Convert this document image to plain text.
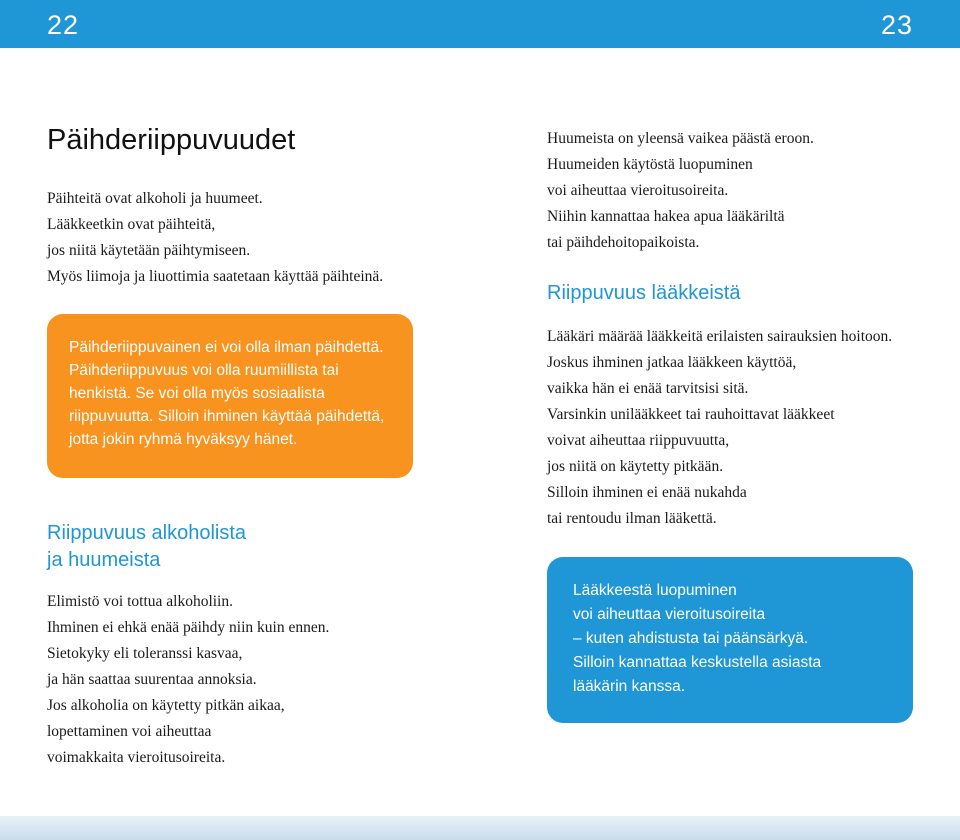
22	23
Päihderiippuvuudet
Päihteitä ovat alkoholi ja huumeet.
Lääkkeetkin ovat päihteitä,
jos niitä käytetään päihtymiseen.
Myös liimoja ja liuottimia saatetaan käyttää päihteinä.
Päihderiippuvainen ei voi olla ilman päihdettä.
Päihderiippuvuus voi olla ruumiillista tai
henkistä. Se voi olla myös sosiaalista
riippuvuutta. Silloin ihminen käyttää päihdettä,
jotta jokin ryhmä hyväksyy hänet.
Riippuvuus alkoholista
ja huumeista
Elimistö voi tottua alkoholiin.
Ihminen ei ehkä enää päihdy niin kuin ennen.
Sietokyky eli toleranssi kasvaa,
ja hän saattaa suurentaa annoksia.
Jos alkoholia on käytetty pitkän aikaa,
lopettaminen voi aiheuttaa
voimakkaita vieroitusoireita.
Huumeista on yleensä vaikea päästä eroon.
Huumeiden käytöstä luopuminen
voi aiheuttaa vieroitusoireita.
Niihin kannattaa hakea apua lääkäriltä
tai päihdehoitopaikoista.
Riippuvuus lääkkeistä
Lääkäri määrää lääkkeitä erilaisten sairauksien hoitoon.
Joskus ihminen jatkaa lääkkeen käyttöä,
vaikka hän ei enää tarvitsisi sitä.
Varsinkin unilääkkeet tai rauhoittavat lääkkeet
voivat aiheuttaa riippuvuutta,
jos niitä on käytetty pitkään.
Silloin ihminen ei enää nukahda
tai rentoudu ilman lääkettä.
Lääkkeestä luopuminen
voi aiheuttaa vieroitusoireita
– kuten ahdistusta tai päänsärkyä.
Silloin kannattaa keskustella asiasta
lääkärin kanssa.
